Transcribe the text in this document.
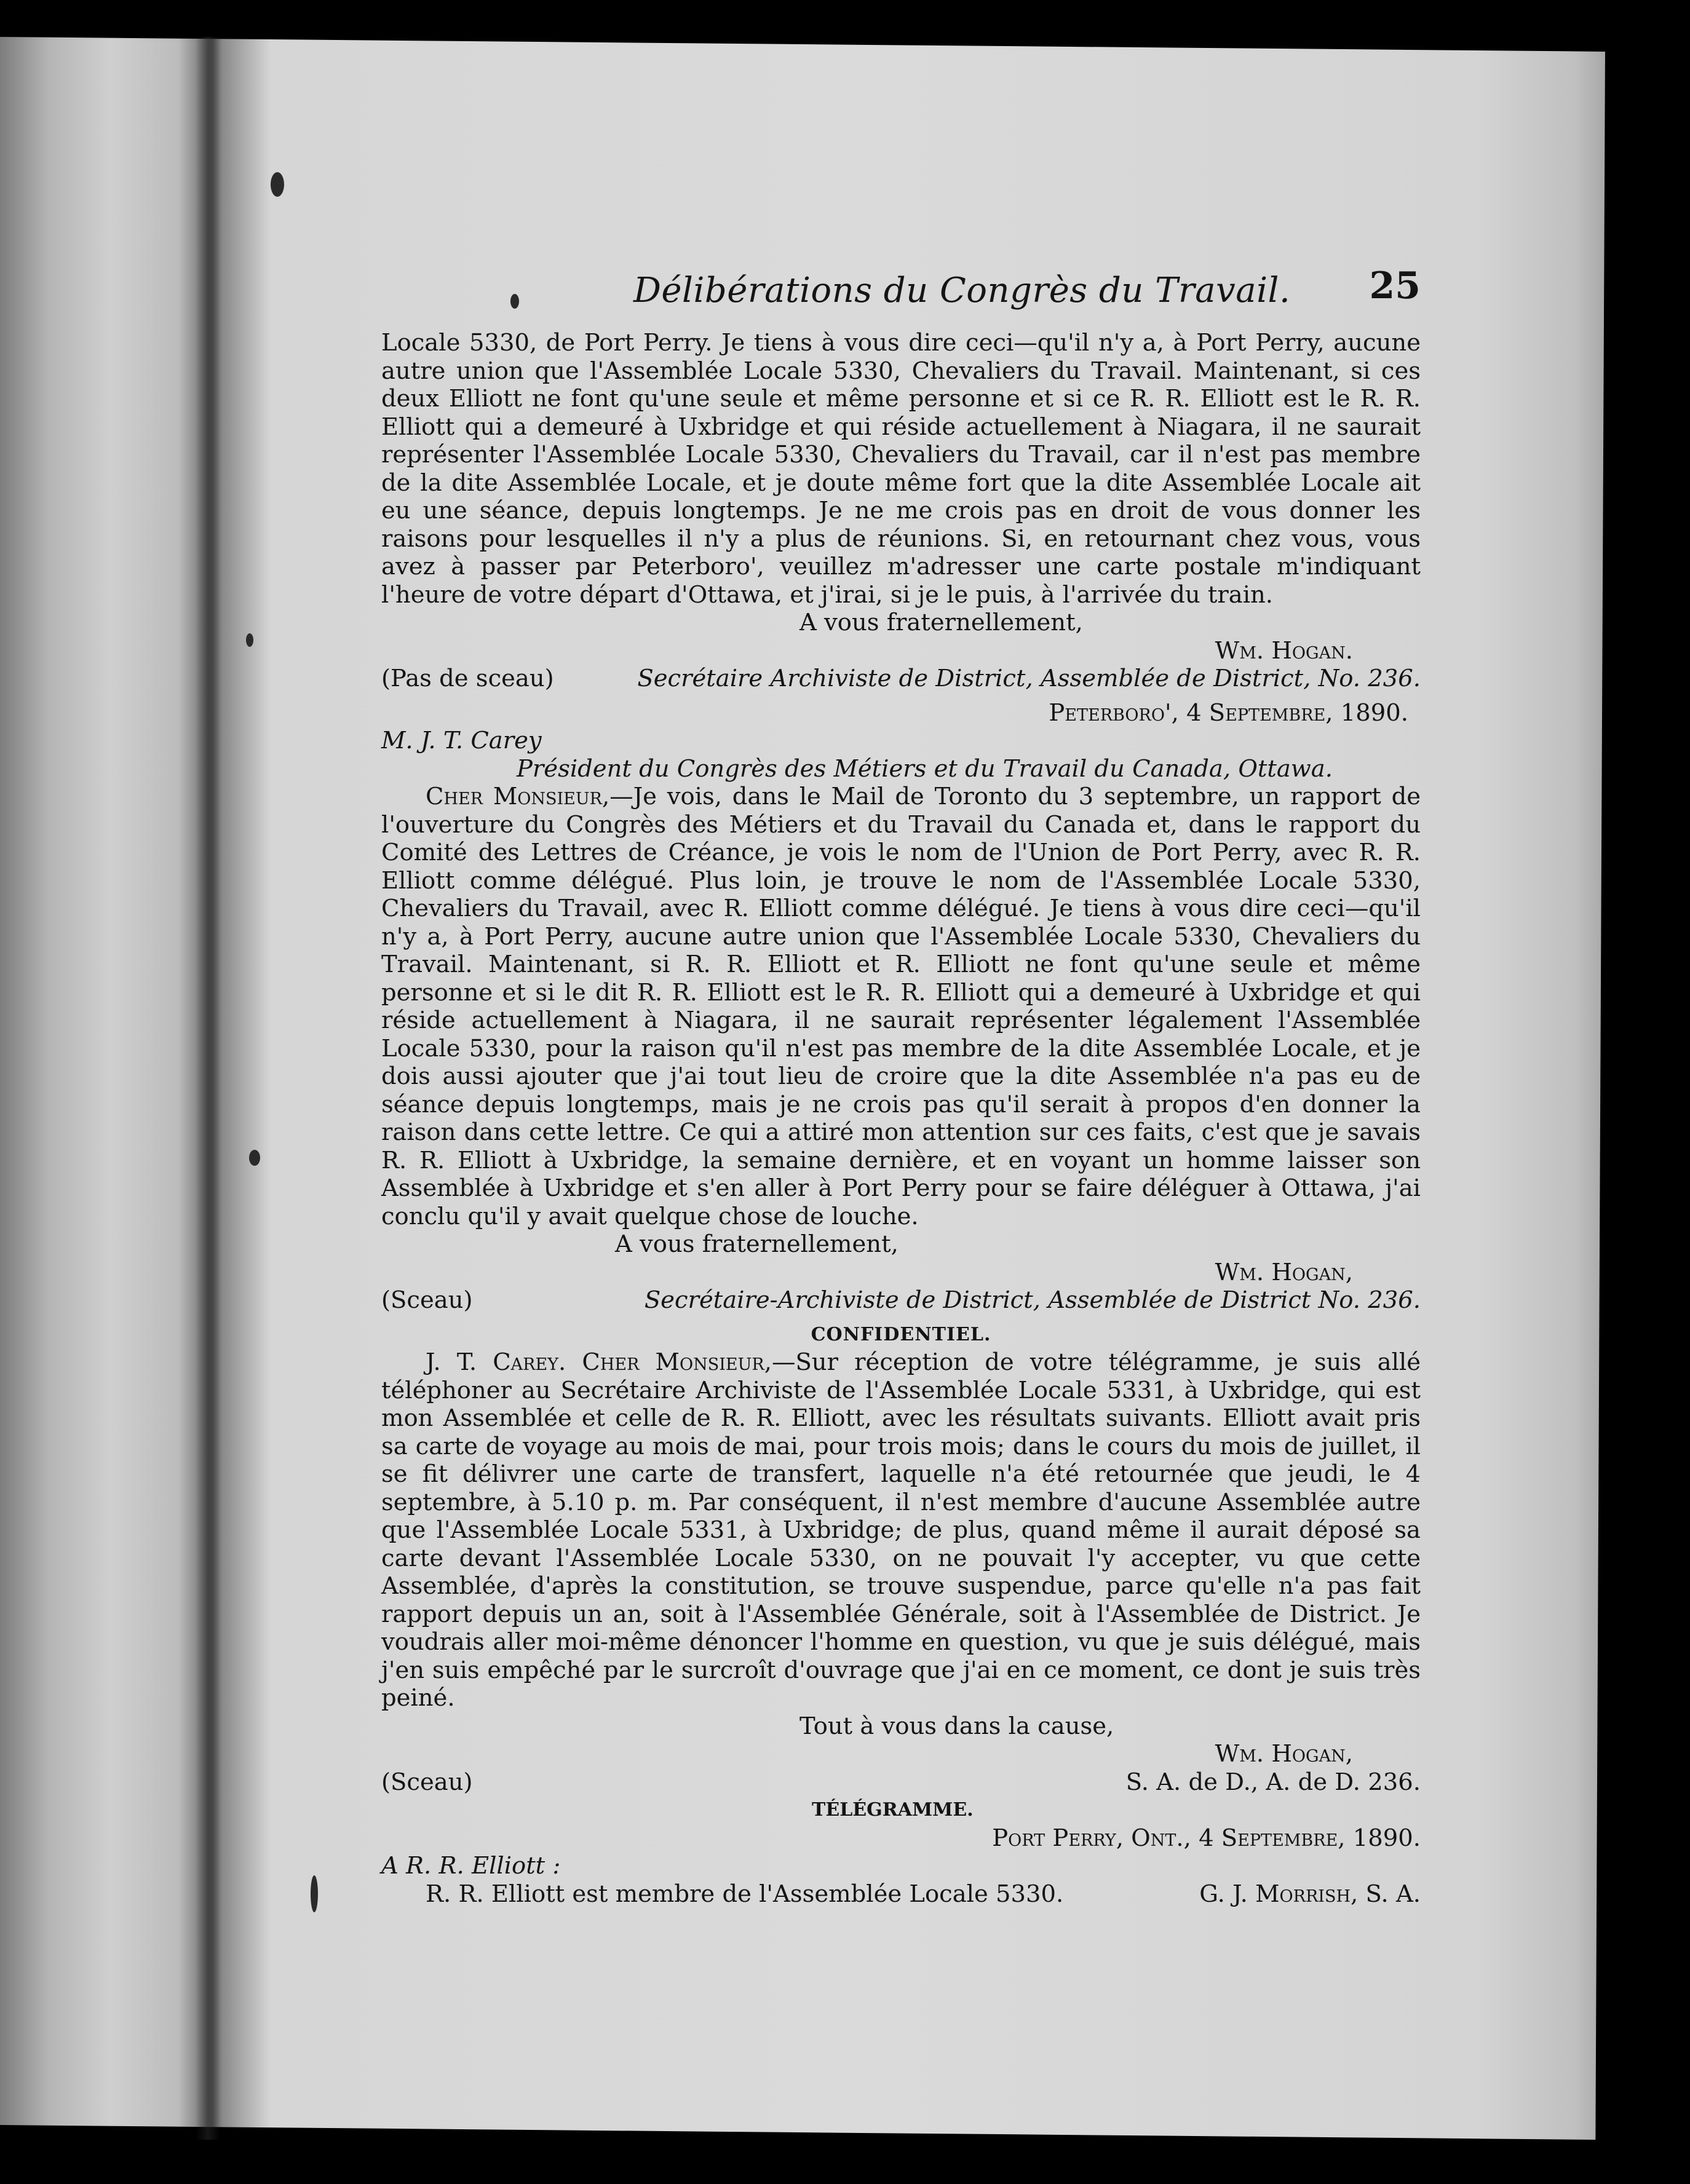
Délibérations du Congrès du Travail. 25

Locale 5330, de Port Perry. Je tiens à vous dire ceci—qu'il n'y a, à Port Perry, aucune autre union que l'Assemblée Locale 5330, Chevaliers du Travail. Maintenant, si ces deux Elliott ne font qu'une seule et même personne et si ce R. R. Elliott est le R. R. Elliott qui a demeuré à Uxbridge et qui réside actuellement à Niagara, il ne saurait représenter l'Assemblée Locale 5330, Chevaliers du Travail, car il n'est pas membre de la dite Assemblée Locale, et je doute même fort que la dite Assemblée Locale ait eu une séance, depuis longtemps. Je ne me crois pas en droit de vous donner les raisons pour lesquelles il n'y a plus de réunions. Si, en retournant chez vous, vous avez à passer par Peterboro', veuillez m'adresser une carte postale m'indiquant l'heure de votre départ d'Ottawa, et j'irai, si je le puis, à l'arrivée du train.

A vous fraternellement,

Wm. Hogan.

(Pas de sceau)	Secrétaire Archiviste de District, Assemblée de District, No. 236.

Peterboro', 4 Septembre, 1890.

M. J. T. Carey

Président du Congrès des Métiers et du Travail du Canada, Ottawa.

Cher Monsieur,—Je vois, dans le Mail de Toronto du 3 septembre, un rapport de l'ouverture du Congrès des Métiers et du Travail du Canada et, dans le rapport du Comité des Lettres de Créance, je vois le nom de l'Union de Port Perry, avec R. R. Elliott comme délégué. Plus loin, je trouve le nom de l'Assemblée Locale 5330, Chevaliers du Travail, avec R. Elliott comme délégué. Je tiens à vous dire ceci—qu'il n'y a, à Port Perry, aucune autre union que l'Assemblée Locale 5330, Chevaliers du Travail. Maintenant, si R. R. Elliott et R. Elliott ne font qu'une seule et même personne et si le dit R. R. Elliott est le R. R. Elliott qui a demeuré à Uxbridge et qui réside actuellement à Niagara, il ne saurait représenter légalement l'Assemblée Locale 5330, pour la raison qu'il n'est pas membre de la dite Assemblée Locale, et je dois aussi ajouter que j'ai tout lieu de croire que la dite Assemblée n'a pas eu de séance depuis longtemps, mais je ne crois pas qu'il serait à propos d'en donner la raison dans cette lettre. Ce qui a attiré mon attention sur ces faits, c'est que je savais R. R. Elliott à Uxbridge, la semaine dernière, et en voyant un homme laisser son Assemblée à Uxbridge et s'en aller à Port Perry pour se faire déléguer à Ottawa, j'ai conclu qu'il y avait quelque chose de louche.

A vous fraternellement,

Wm. Hogan,

(Sceau)	Secrétaire-Archiviste de District, Assemblée de District No. 236.

CONFIDENTIEL.

J. T. Carey. Cher Monsieur,—Sur réception de votre télégramme, je suis allé téléphoner au Secrétaire Archiviste de l'Assemblée Locale 5331, à Uxbridge, qui est mon Assemblée et celle de R. R. Elliott, avec les résultats suivants. Elliott avait pris sa carte de voyage au mois de mai, pour trois mois; dans le cours du mois de juillet, il se fit délivrer une carte de transfert, laquelle n'a été retournée que jeudi, le 4 septembre, à 5.10 p. m. Par conséquent, il n'est membre d'aucune Assemblée autre que l'Assemblée Locale 5331, à Uxbridge; de plus, quand même il aurait déposé sa carte devant l'Assemblée Locale 5330, on ne pouvait l'y accepter, vu que cette Assemblée, d'après la constitution, se trouve suspendue, parce qu'elle n'a pas fait rapport depuis un an, soit à l'Assemblée Générale, soit à l'Assemblée de District. Je voudrais aller moi-même dénoncer l'homme en question, vu que je suis délégué, mais j'en suis empêché par le surcroît d'ouvrage que j'ai en ce moment, ce dont je suis très peiné.

Tout à vous dans la cause,

Wm. Hogan,

(Sceau)	S. A. de D., A. de D. 236.

TÉLÉGRAMME.

Port Perry, Ont., 4 Septembre, 1890.

A R. R. Elliott :

R. R. Elliott est membre de l'Assemblée Locale 5330.	G. J. Morrish, S. A.
